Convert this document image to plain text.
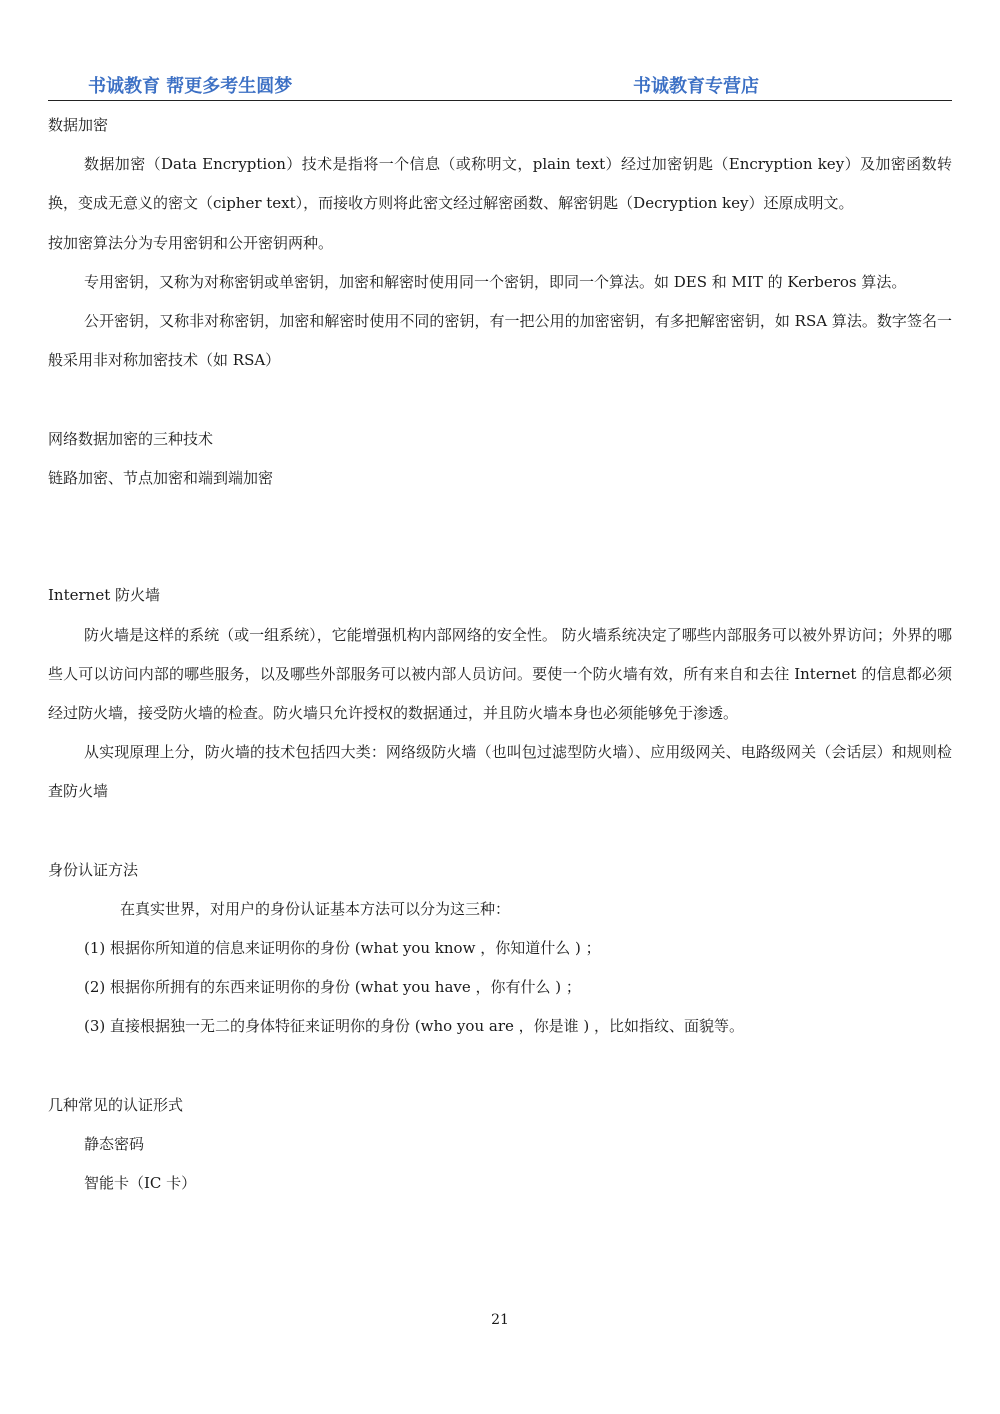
书诚教育 帮更多考生圆梦	书诚教育专营店
数据加密
数据加密（Data Encryption）技术是指将一个信息（或称明文，plain text）经过加密钥匙（Encryption key）及加密函数转换，变成无意义的密文（cipher text），而接收方则将此密文经过解密函数、解密钥匙（Decryption key）还原成明文。
按加密算法分为专用密钥和公开密钥两种。
专用密钥，又称为对称密钥或单密钥，加密和解密时使用同一个密钥，即同一个算法。如 DES 和 MIT 的 Kerberos 算法。
公开密钥，又称非对称密钥，加密和解密时使用不同的密钥，有一把公用的加密密钥，有多把解密密钥，如 RSA 算法。数字签名一般采用非对称加密技术（如 RSA）
网络数据加密的三种技术
链路加密、节点加密和端到端加密
Internet 防火墙
防火墙是这样的系统（或一组系统），它能增强机构内部网络的安全性。 防火墙系统决定了哪些内部服务可以被外界访问；外界的哪些人可以访问内部的哪些服务，以及哪些外部服务可以被内部人员访问。要使一个防火墙有效，所有来自和去往 Internet 的信息都必须经过防火墙，接受防火墙的检查。防火墙只允许授权的数据通过，并且防火墙本身也必须能够免于渗透。
从实现原理上分，防火墙的技术包括四大类：网络级防火墙（也叫包过滤型防火墙）、应用级网关、电路级网关（会话层）和规则检查防火墙
身份认证方法
在真实世界，对用户的身份认证基本方法可以分为这三种：
(1) 根据你所知道的信息来证明你的身份 (what you know ，你知道什么 ) ；
(2) 根据你所拥有的东西来证明你的身份 (what you have ，你有什么 ) ；
(3) 直接根据独一无二的身体特征来证明你的身份 (who you are ，你是谁 ) ，比如指纹、面貌等。
几种常见的认证形式
静态密码
智能卡（IC 卡）
21
